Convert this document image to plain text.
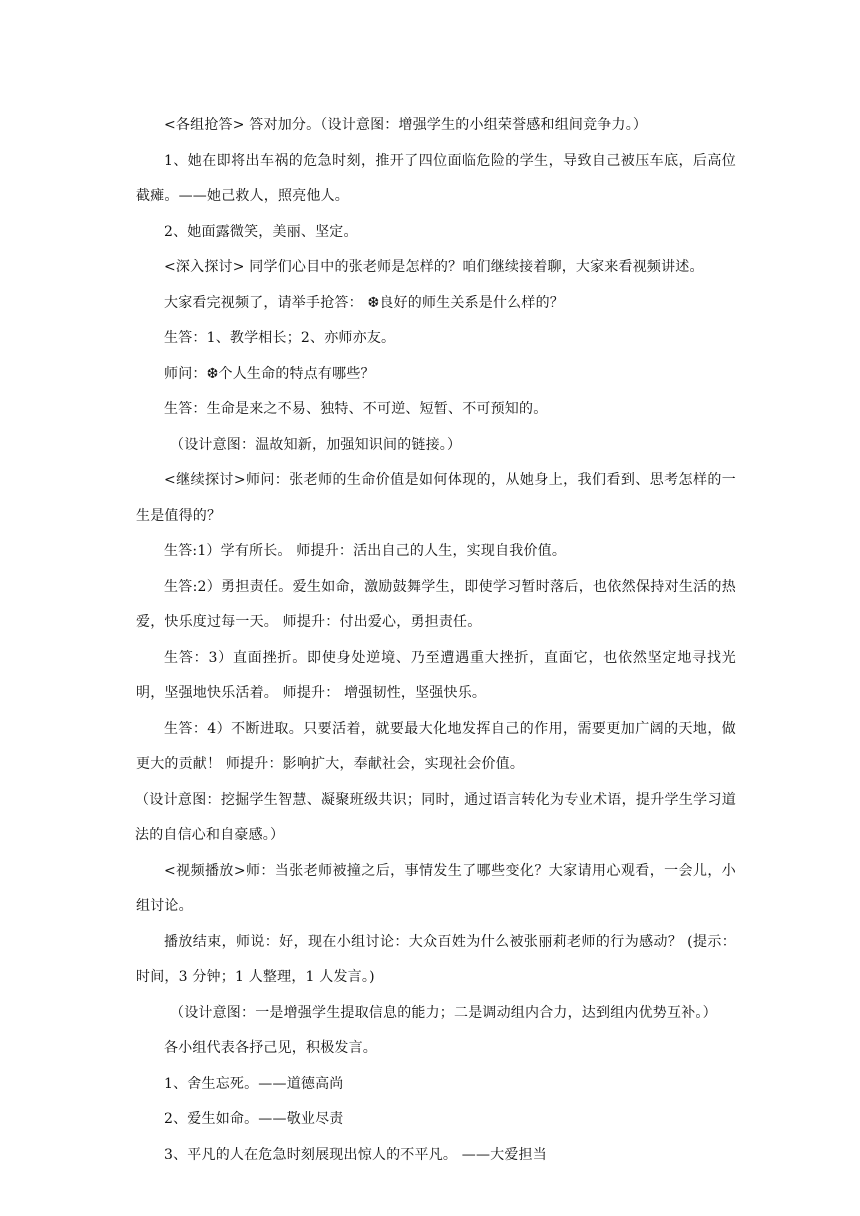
<各组抢答> 答对加分。（设计意图：增强学生的小组荣誉感和组间竞争力。）

1、她在即将出车祸的危急时刻，推开了四位面临危险的学生，导致自己被压车底，后高位截瘫。——她己救人，照亮他人。

2、她面露微笑，美丽、坚定。

<深入探讨> 同学们心目中的张老师是怎样的？咱们继续接着聊，大家来看视频讲述。

大家看完视频了，请举手抢答： ❆良好的师生关系是什么样的？

生答：1、教学相长；2、亦师亦友。

师问：❆个人生命的特点有哪些？

生答：生命是来之不易、独特、不可逆、短暂、不可预知的。

（设计意图：温故知新，加强知识间的链接。）

<继续探讨>师问：张老师的生命价值是如何体现的，从她身上，我们看到、思考怎样的一生是值得的？

生答:1）学有所长。 师提升：活出自己的人生，实现自我价值。

生答:2）勇担责任。爱生如命，激励鼓舞学生，即使学习暂时落后，也依然保持对生活的热爱，快乐度过每一天。 师提升：付出爱心，勇担责任。

生答：3）直面挫折。即使身处逆境、乃至遭遇重大挫折，直面它，也依然坚定地寻找光明，坚强地快乐活着。 师提升： 增强韧性，坚强快乐。

生答：4）不断进取。只要活着，就要最大化地发挥自己的作用，需要更加广阔的天地，做更大的贡献！ 师提升：影响扩大，奉献社会，实现社会价值。

（设计意图：挖掘学生智慧、凝聚班级共识；同时，通过语言转化为专业术语，提升学生学习道法的自信心和自豪感。）

<视频播放>师：当张老师被撞之后，事情发生了哪些变化？大家请用心观看，一会儿，小组讨论。

播放结束，师说：好，现在小组讨论：大众百姓为什么被张丽莉老师的行为感动？ (提示：时间，3 分钟；1 人整理，1 人发言。)

（设计意图：一是增强学生提取信息的能力；二是调动组内合力，达到组内优势互补。）

各小组代表各抒己见，积极发言。

1、舍生忘死。——道德高尚

2、爱生如命。——敬业尽责

3、平凡的人在危急时刻展现出惊人的不平凡。 ——大爱担当
